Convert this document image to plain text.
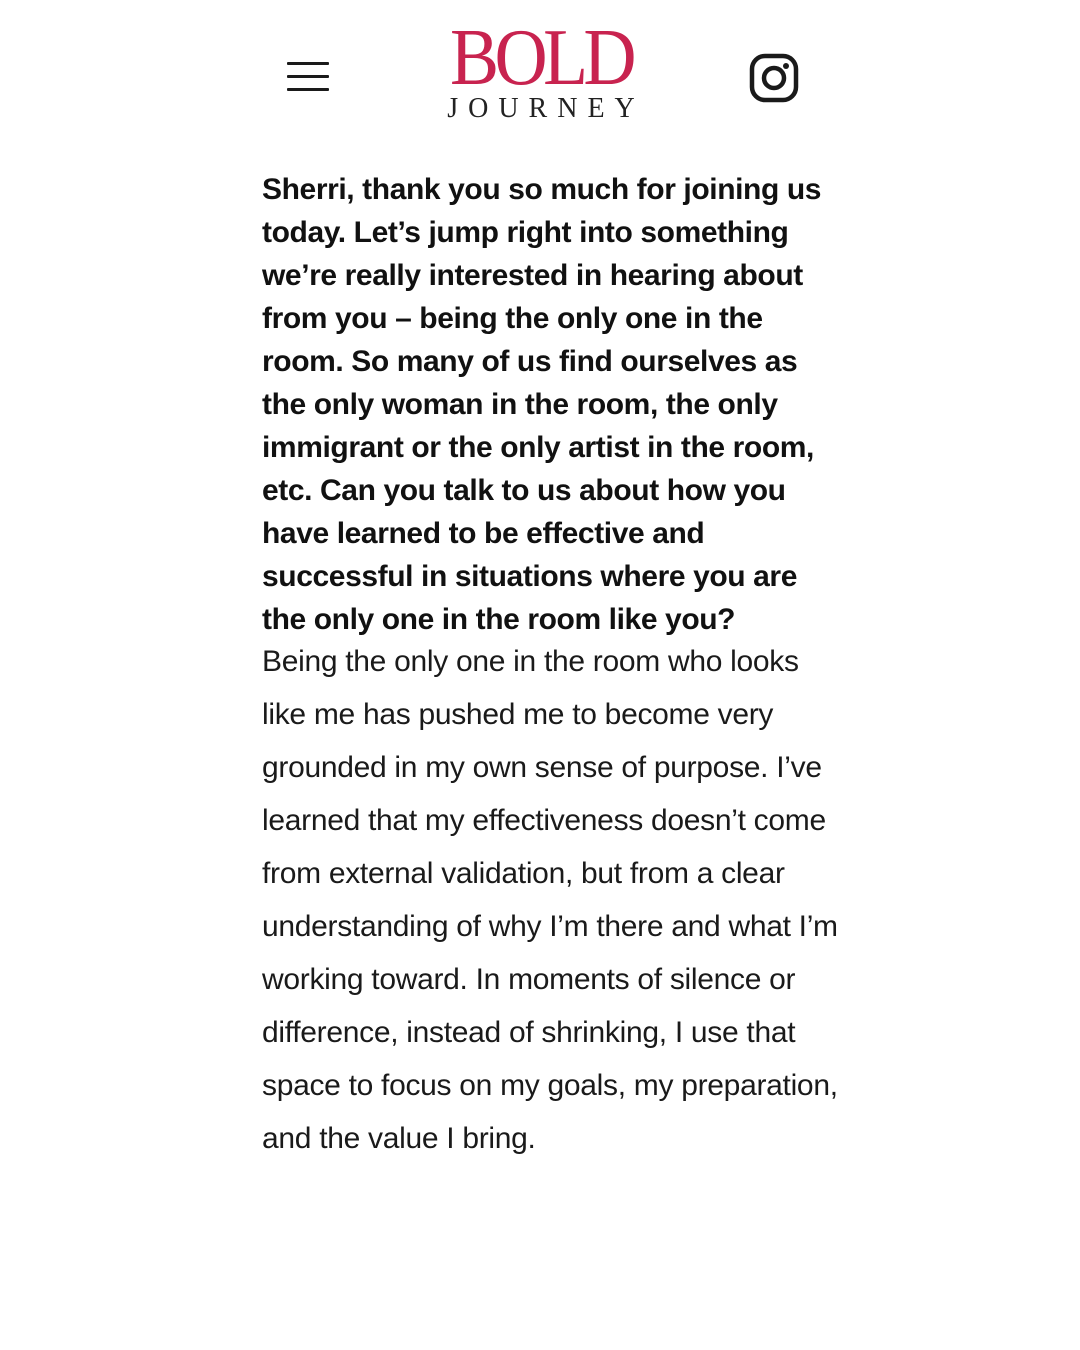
BOLD
JOURNEY

Sherri, thank you so much for joining us today. Let’s jump right into something we’re really interested in hearing about from you – being the only one in the room. So many of us find ourselves as the only woman in the room, the only immigrant or the only artist in the room, etc. Can you talk to us about how you have learned to be effective and successful in situations where you are the only one in the room like you?

Being the only one in the room who looks like me has pushed me to become very grounded in my own sense of purpose. I’ve learned that my effectiveness doesn’t come from external validation, but from a clear understanding of why I’m there and what I’m working toward. In moments of silence or difference, instead of shrinking, I use that space to focus on my goals, my preparation, and the value I bring.
